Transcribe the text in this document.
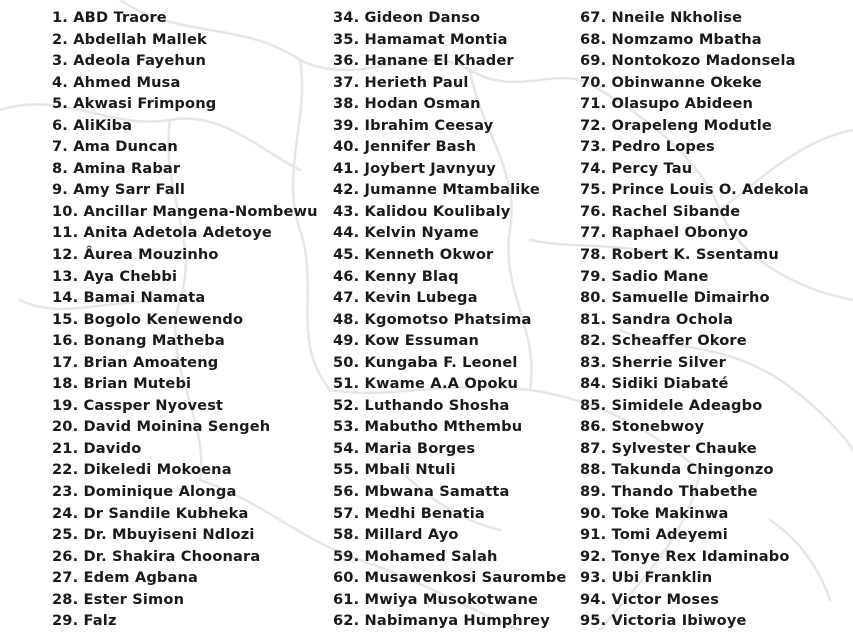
1. ABD Traore
2. Abdellah Mallek
3. Adeola Fayehun
4. Ahmed Musa
5. Akwasi Frimpong
6. AliKiba
7. Ama Duncan
8. Amina Rabar
9. Amy Sarr Fall
10. Ancillar Mangena-Nombewu
11. Anita Adetola Adetoye
12. Âurea Mouzinho
13. Aya Chebbi
14. Bamai Namata
15. Bogolo Kenewendo
16. Bonang Matheba
17. Brian Amoateng
18. Brian Mutebi
19. Cassper Nyovest
20. David Moinina Sengeh
21. Davido
22. Dikeledi Mokoena
23. Dominique Alonga
24. Dr Sandile Kubheka
25. Dr. Mbuyiseni Ndlozi
26. Dr. Shakira Choonara
27. Edem Agbana
28. Ester Simon
29. Falz
34. Gideon Danso
35. Hamamat Montia
36. Hanane El Khader
37. Herieth Paul
38. Hodan Osman
39. Ibrahim Ceesay
40. Jennifer Bash
41. Joybert Javnyuy
42. Jumanne Mtambalike
43. Kalidou Koulibaly
44. Kelvin Nyame
45. Kenneth Okwor
46. Kenny Blaq
47. Kevin Lubega
48. Kgomotso Phatsima
49. Kow Essuman
50. Kungaba F. Leonel
51. Kwame A.A Opoku
52. Luthando Shosha
53. Mabutho Mthembu
54. Maria Borges
55. Mbali Ntuli
56. Mbwana Samatta
57. Medhi Benatia
58. Millard Ayo
59. Mohamed Salah
60. Musawenkosi Saurombe
61. Mwiya Musokotwane
62. Nabimanya Humphrey
67. Nneile Nkholise
68. Nomzamo Mbatha
69. Nontokozo Madonsela
70. Obinwanne Okeke
71. Olasupo Abideen
72. Orapeleng Modutle
73. Pedro Lopes
74. Percy Tau
75. Prince Louis O. Adekola
76. Rachel Sibande
77. Raphael Obonyo
78. Robert K. Ssentamu
79. Sadio Mane
80. Samuelle Dimairho
81. Sandra Ochola
82. Scheaffer Okore
83. Sherrie Silver
84. Sidiki Diabaté
85. Simidele Adeagbo
86. Stonebwoy
87. Sylvester Chauke
88. Takunda Chingonzo
89. Thando Thabethe
90. Toke Makinwa
91. Tomi Adeyemi
92. Tonye Rex Idaminabo
93. Ubi Franklin
94. Victor Moses
95. Victoria Ibiwoye
